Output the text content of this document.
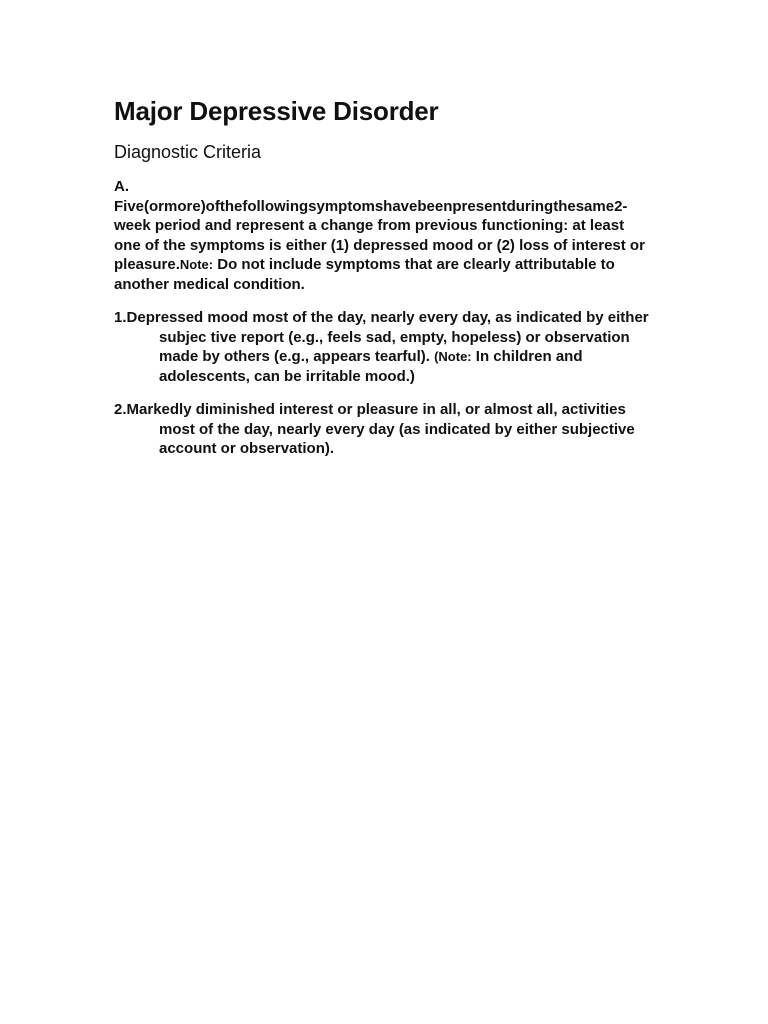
Major Depressive Disorder
Diagnostic Criteria
A.
Five(ormore)ofthefollowingsymptomshavebeenpresentduringthesame2-week period and represent a change from previous functioning: at least one of the symptoms is either (1) depressed mood or (2) loss of interest or pleasure.Note: Do not include symptoms that are clearly attributable to another medical condition.
1.Depressed mood most of the day, nearly every day, as indicated by either subjec tive report (e.g., feels sad, empty, hopeless) or observation made by others (e.g., appears tearful). (Note: In children and adolescents, can be irritable mood.)
2.Markedly diminished interest or pleasure in all, or almost all, activities most of the day, nearly every day (as indicated by either subjective account or observation).
